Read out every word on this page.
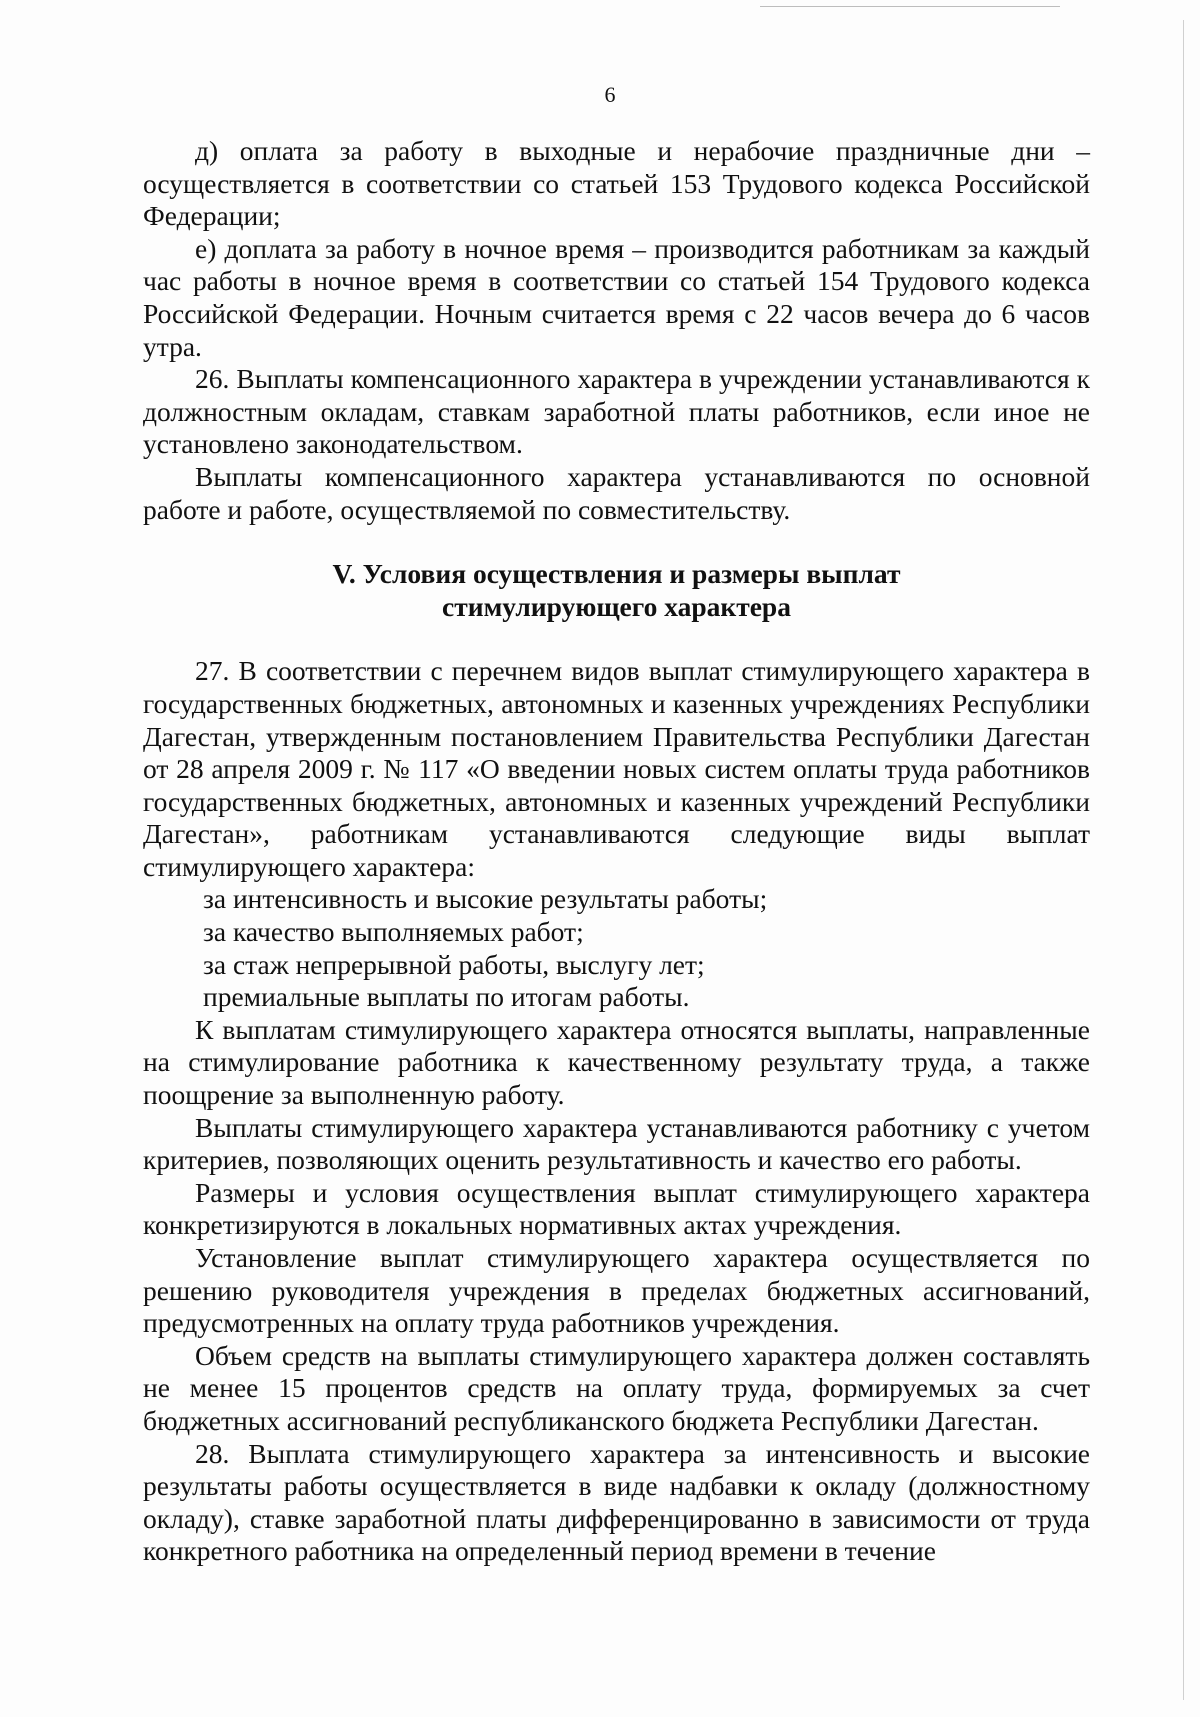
6

д) оплата за работу в выходные и нерабочие праздничные дни – осуществляется в соответствии со статьей 153 Трудового кодекса Российской Федерации;

е) доплата за работу в ночное время – производится работникам за каждый час работы в ночное время в соответствии со статьей 154 Трудового кодекса Российской Федерации. Ночным считается время с 22 часов вечера до 6 часов утра.

26. Выплаты компенсационного характера в учреждении устанавливаются к должностным окладам, ставкам заработной платы работников, если иное не установлено законодательством.

Выплаты компенсационного характера устанавливаются по основной работе и работе, осуществляемой по совместительству.

V. Условия осуществления и размеры выплат

стимулирующего характера

27. В соответствии с перечнем видов выплат стимулирующего характера в государственных бюджетных, автономных и казенных учреждениях Республики Дагестан, утвержденным постановлением Правительства Республики Дагестан от 28 апреля 2009 г. № 117 «О введении новых систем оплаты труда работников государственных бюджетных, автономных и казенных учреждений Республики Дагестан», работникам устанавливаются следующие виды выплат стимулирующего характера:

за интенсивность и высокие результаты работы;

за качество выполняемых работ;

за стаж непрерывной работы, выслугу лет;

премиальные выплаты по итогам работы.

К выплатам стимулирующего характера относятся выплаты, направленные на стимулирование работника к качественному результату труда, а также поощрение за выполненную работу.

Выплаты стимулирующего характера устанавливаются работнику с учетом критериев, позволяющих оценить результативность и качество его работы.

Размеры и условия осуществления выплат стимулирующего характера конкретизируются в локальных нормативных актах учреждения.

Установление выплат стимулирующего характера осуществляется по решению руководителя учреждения в пределах бюджетных ассигнований, предусмотренных на оплату труда работников учреждения.

Объем средств на выплаты стимулирующего характера должен составлять не менее 15 процентов средств на оплату труда, формируемых за счет бюджетных ассигнований республиканского бюджета Республики Дагестан.

28. Выплата стимулирующего характера за интенсивность и высокие результаты работы осуществляется в виде надбавки к окладу (должностному окладу), ставке заработной платы дифференцированно в зависимости от труда конкретного работника на определенный период времени в течение
